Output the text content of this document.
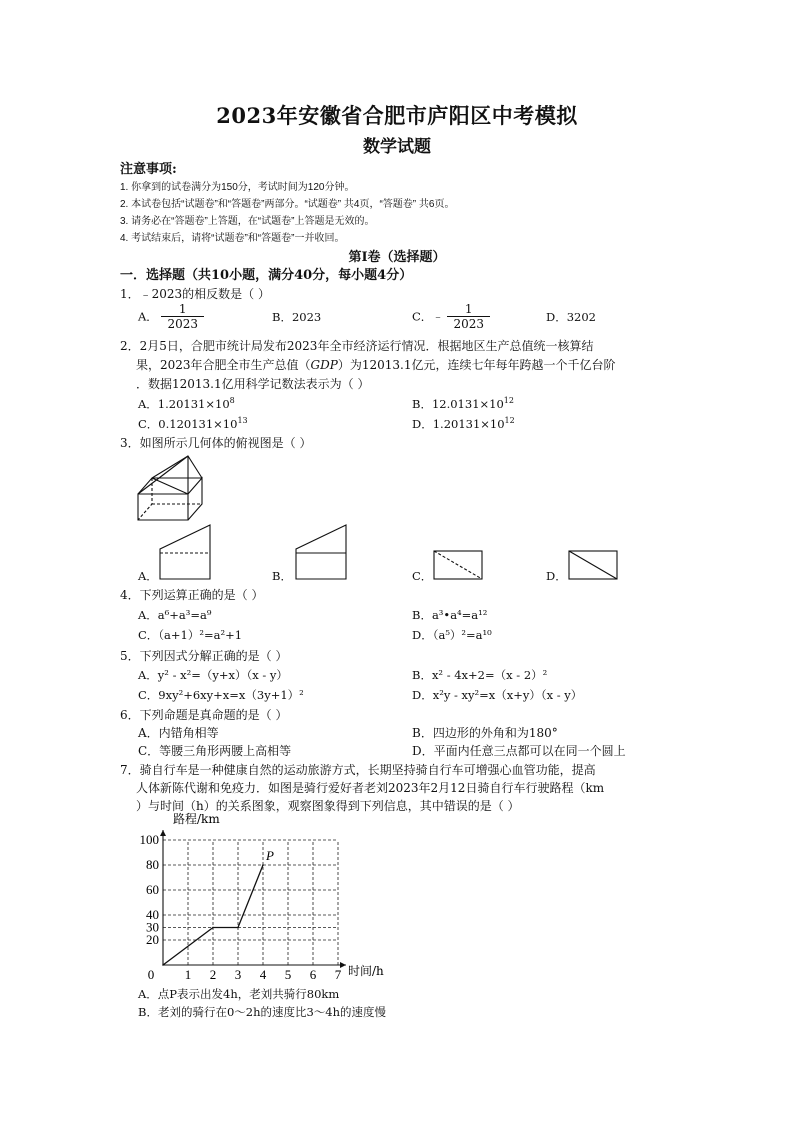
2023年安徽省合肥市庐阳区中考模拟
数学试题
注意事项:
1. 你拿到的试卷满分为150分，考试时间为120分钟。
2. 本试卷包括“试题卷”和“答题卷”两部分。“试题卷” 共4页，“答题卷” 共6页。
3. 请务必在“答题卷”上答题，在“试题卷”上答题是无效的。
4. 考试结束后，请将“试题卷”和“答题卷”一并收回。
第Ⅰ卷（选择题）
一．选择题（共10小题，满分40分，每小题4分）
1．﹣2023的相反数是（ ）
A． $\frac{1}{2023}$	B．2023	C．﹣ $\frac{1}{2023}$	D．3202
2．2月5日，合肥市统计局发布2023年全市经济运行情况．根据地区生产总值统一核算结
果，2023年合肥全市生产总值（GDP）为12013.1亿元，连续七年每年跨越一个千亿台阶
．数据12013.1亿用科学记数法表示为（ ）
A．$1.20131\times 10^8$	B．$12.0131\times 10^{12}$
C．$0.120131\times 10^{13}$	D．$1.20131\times 10^{12}$
3．如图所示几何体的俯视图是（ ）
A．	B．	C．	D．
4．下列运算正确的是（ ）
A．a⁶+a³=a⁹	B．a³•a⁴=a¹²
C．（a+1）²=a²+1	D．（a⁵）²=a¹⁰
5．下列因式分解正确的是（ ）
A．y² - x²=（y+x）（x - y）	B．x² - 4x+2=（x - 2）²
C．9xy²+6xy+x=x（3y+1）²	D．x²y - xy²=x（x+y）（x - y）
6．下列命题是真命题的是（ ）
A．内错角相等	B．四边形的外角和为180°
C．等腰三角形两腰上高相等	D．平面内任意三点都可以在同一个圆上
7．骑自行车是一种健康自然的运动旅游方式，长期坚持骑自行车可增强心血管功能，提高
人体新陈代谢和免疫力．如图是骑行爱好者老刘2023年2月12日骑自行车行驶路程（km
）与时间（h）的关系图象，观察图象得到下列信息，其中错误的是（ ）
0 1 2 3 4 5 6 7
20
30
40
60
80
100
路程/km
时间/h
P
A．点P表示出发4h，老刘共骑行80km
B．老刘的骑行在0～2h的速度比3～4h的速度慢
